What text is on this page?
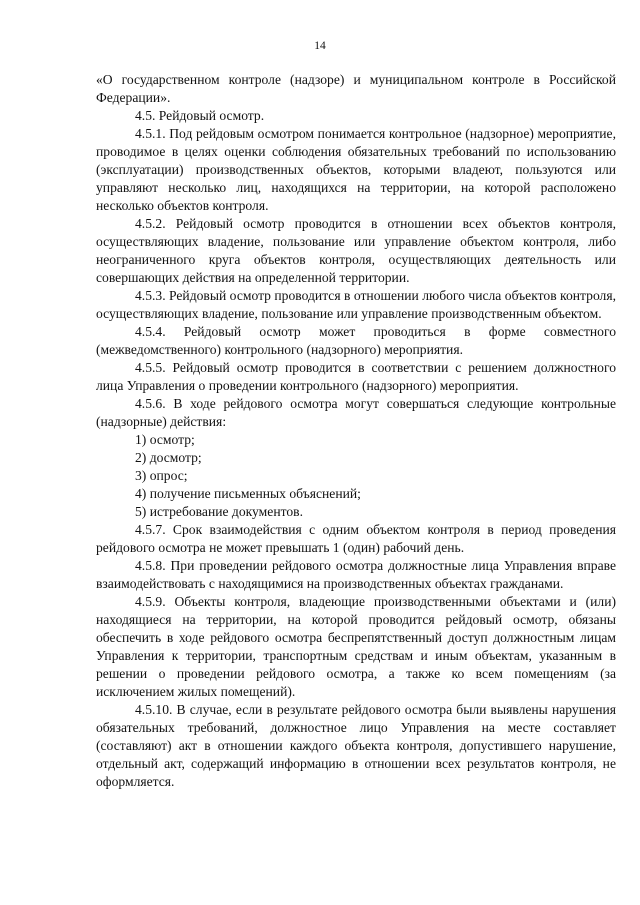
14

«О государственном контроле (надзоре) и муниципальном контроле в Российской Федерации».

4.5. Рейдовый осмотр.

4.5.1. Под рейдовым осмотром понимается контрольное (надзорное) мероприятие, проводимое в целях оценки соблюдения обязательных требований по использованию (эксплуатации) производственных объектов, которыми владеют, пользуются или управляют несколько лиц, находящихся на территории, на которой расположено несколько объектов контроля.

4.5.2. Рейдовый осмотр проводится в отношении всех объектов контроля, осуществляющих владение, пользование или управление объектом контроля, либо неограниченного круга объектов контроля, осуществляющих деятельность или совершающих действия на определенной территории.

4.5.3. Рейдовый осмотр проводится в отношении любого числа объектов контроля, осуществляющих владение, пользование или управление производственным объектом.

4.5.4. Рейдовый осмотр может проводиться в форме совместного (межведомственного) контрольного (надзорного) мероприятия.

4.5.5. Рейдовый осмотр проводится в соответствии с решением должностного лица Управления о проведении контрольного (надзорного) мероприятия.

4.5.6. В ходе рейдового осмотра могут совершаться следующие контрольные (надзорные) действия:

1) осмотр;

2) досмотр;

3) опрос;

4) получение письменных объяснений;

5) истребование документов.

4.5.7. Срок взаимодействия с одним объектом контроля в период проведения рейдового осмотра не может превышать 1 (один) рабочий день.

4.5.8. При проведении рейдового осмотра должностные лица Управления вправе взаимодействовать с находящимися на производственных объектах гражданами.

4.5.9. Объекты контроля, владеющие производственными объектами и (или) находящиеся на территории, на которой проводится рейдовый осмотр, обязаны обеспечить в ходе рейдового осмотра беспрепятственный доступ должностным лицам Управления к территории, транспортным средствам и иным объектам, указанным в решении о проведении рейдового осмотра, а также ко всем помещениям (за исключением жилых помещений).

4.5.10. В случае, если в результате рейдового осмотра были выявлены нарушения обязательных требований, должностное лицо Управления на месте составляет (составляют) акт в отношении каждого объекта контроля, допустившего нарушение, отдельный акт, содержащий информацию в отношении всех результатов контроля, не оформляется.
